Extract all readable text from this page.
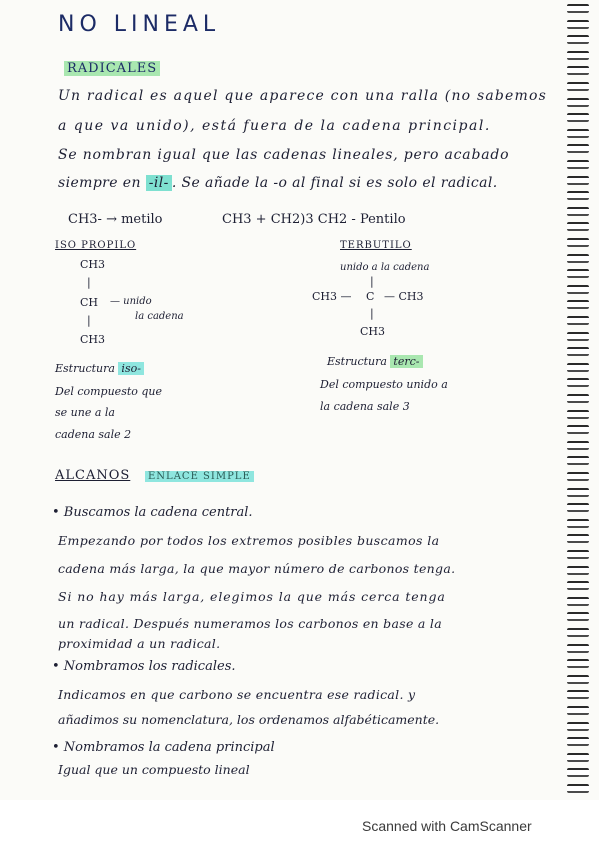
NO LINEAL
RADICALES
Un radical es aquel que aparece con una ralla (no sabemos
a que va unido), está fuera de la cadena principal.
Se nombran igual que las cadenas lineales, pero acabado
siempre en -il- . Se añade la -o al final si es solo el radical.
CH3- → metilo	CH3 + CH2)3 CH2 - Pentilo
ISO PROPILO
CH3
|
CH — unido
la cadena
|
CH3
Estructura iso-
Del compuesto que
se une a la
cadena sale 2
TERBUTILO
unido a la cadena
|
CH3 — C — CH3
|
CH3
Estructura terc-
Del compuesto unido a
la cadena sale 3
ALCANOS	ENLACE SIMPLE
• Buscamos la cadena central.
Empezando por todos los extremos posibles buscamos la
cadena más larga, la que mayor número de carbonos tenga.
Si no hay más larga, elegimos la que más cerca tenga
un radical. Después numeramos los carbonos en base a la
proximidad a un radical.
• Nombramos los radicales.
Indicamos en que carbono se encuentra ese radical. y
añadimos su nomenclatura, los ordenamos alfabéticamente.
• Nombramos la cadena principal
Igual que un compuesto lineal
Scanned with CamScanner
